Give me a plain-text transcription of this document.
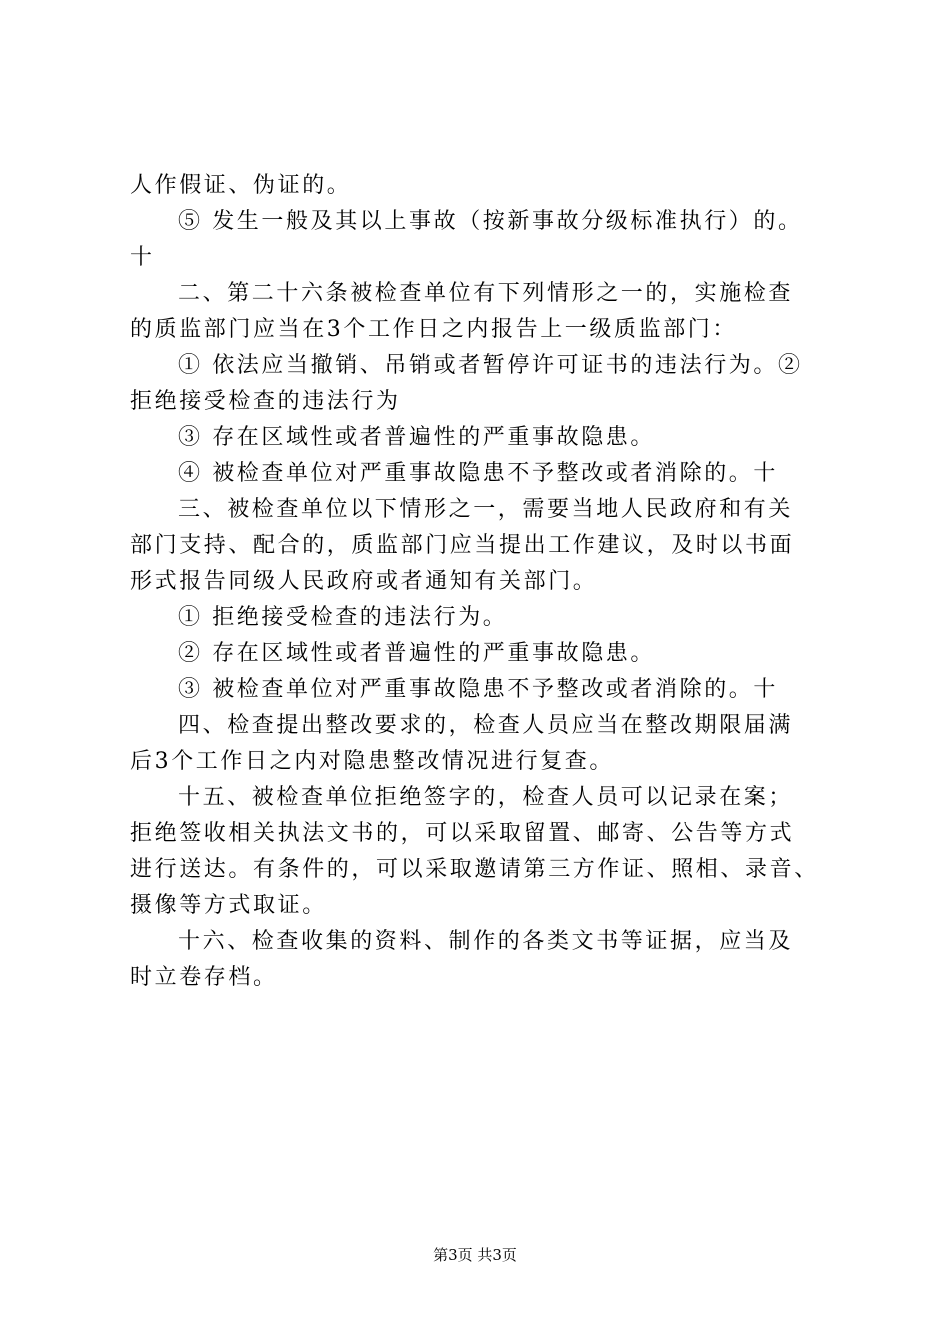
人作假证、伪证的。
⑤ 发生一般及其以上事故（按新事故分级标准执行）的。
十
二、第二十六条被检查单位有下列情形之一的，实施检查
的质监部门应当在3个工作日之内报告上一级质监部门：
① 依法应当撤销、吊销或者暂停许可证书的违法行为。②
拒绝接受检查的违法行为
③ 存在区域性或者普遍性的严重事故隐患。
④ 被检查单位对严重事故隐患不予整改或者消除的。十
三、被检查单位以下情形之一，需要当地人民政府和有关
部门支持、配合的，质监部门应当提出工作建议，及时以书面
形式报告同级人民政府或者通知有关部门。
① 拒绝接受检查的违法行为。
② 存在区域性或者普遍性的严重事故隐患。
③ 被检查单位对严重事故隐患不予整改或者消除的。十
四、检查提出整改要求的，检查人员应当在整改期限届满
后3个工作日之内对隐患整改情况进行复查。
十五、被检查单位拒绝签字的，检查人员可以记录在案；
拒绝签收相关执法文书的，可以采取留置、邮寄、公告等方式
进行送达。有条件的，可以采取邀请第三方作证、照相、录音、
摄像等方式取证。
十六、检查收集的资料、制作的各类文书等证据，应当及
时立卷存档。
第3页 共3页
